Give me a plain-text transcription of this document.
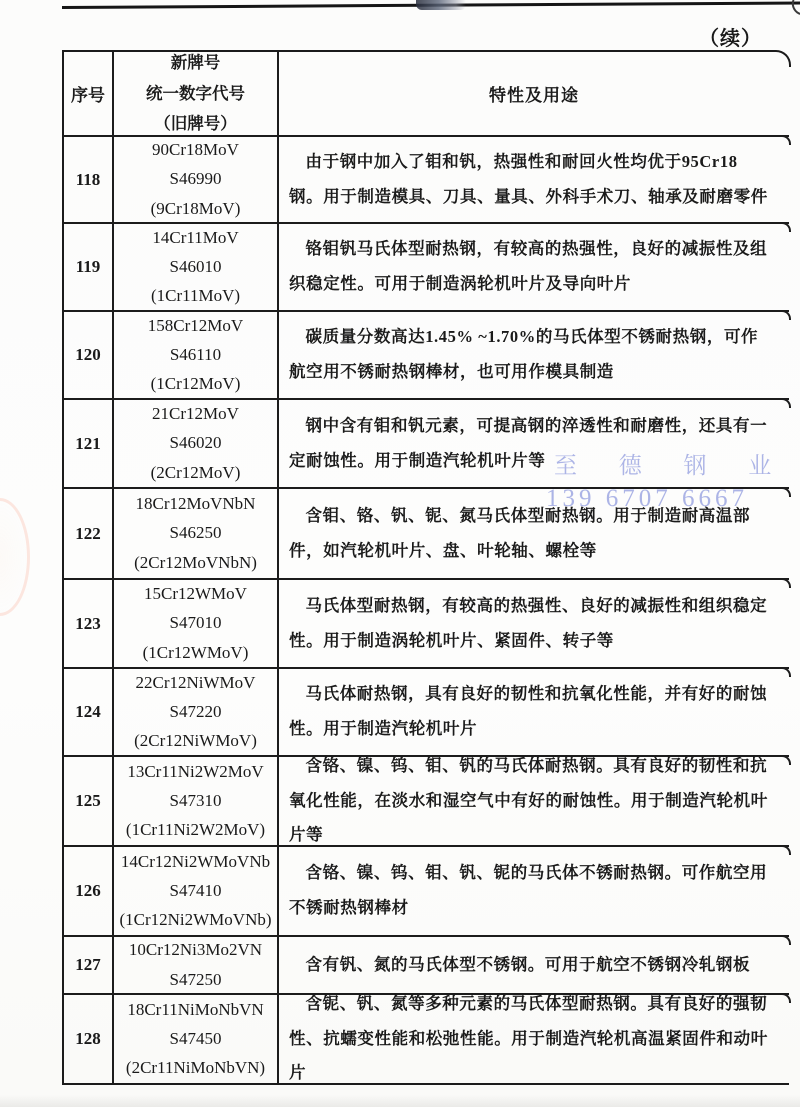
（续）
至 德 钢 业
139 6707 6667
序号
新牌号
统一数字代号
（旧牌号）
特性及用途
118
90Cr18MoV
S46990
(9Cr18MoV)

由于钢中加入了钼和钒，热强性和耐回火性均优于95Cr18 钢。用于制造模具、刀具、量具、外科手术刀、轴承及耐磨零件

119
14Cr11MoV
S46010
(1Cr11MoV)

铬钼钒马氏体型耐热钢，有较高的热强性，良好的减振性及组织稳定性。可用于制造涡轮机叶片及导向叶片

120
158Cr12MoV
S46110
(1Cr12MoV)

碳质量分数高达1.45% ~1.70%的马氏体型不锈耐热钢，可作航空用不锈耐热钢棒材，也可用作模具制造

121
21Cr12MoV
S46020
(2Cr12MoV)

钢中含有钼和钒元素，可提高钢的淬透性和耐磨性，还具有一定耐蚀性。用于制造汽轮机叶片等

122
18Cr12MoVNbN
S46250
(2Cr12MoVNbN)

含钼、铬、钒、铌、氮马氏体型耐热钢。用于制造耐高温部件，如汽轮机叶片、盘、叶轮轴、螺栓等

123
15Cr12WMoV
S47010
(1Cr12WMoV)

马氏体型耐热钢，有较高的热强性、良好的减振性和组织稳定性。用于制造涡轮机叶片、紧固件、转子等

124
22Cr12NiWMoV
S47220
(2Cr12NiWMoV)

马氏体耐热钢，具有良好的韧性和抗氧化性能，并有好的耐蚀性。用于制造汽轮机叶片

125
13Cr11Ni2W2MoV
S47310
(1Cr11Ni2W2MoV)

含铬、镍、钨、钼、钒的马氏体耐热钢。具有良好的韧性和抗氧化性能，在淡水和湿空气中有好的耐蚀性。用于制造汽轮机叶片等

126
14Cr12Ni2WMoVNb
S47410
(1Cr12Ni2WMoVNb)

含铬、镍、钨、钼、钒、铌的马氏体不锈耐热钢。可作航空用不锈耐热钢棒材

127
10Cr12Ni3Mo2VN
S47250

含有钒、氮的马氏体型不锈钢。可用于航空不锈钢冷轧钢板

128
18Cr11NiMoNbVN
S47450
(2Cr11NiMoNbVN)

含铌、钒、氮等多种元素的马氏体型耐热钢。具有良好的强韧性、抗蠕变性能和松弛性能。用于制造汽轮机高温紧固件和动叶片
